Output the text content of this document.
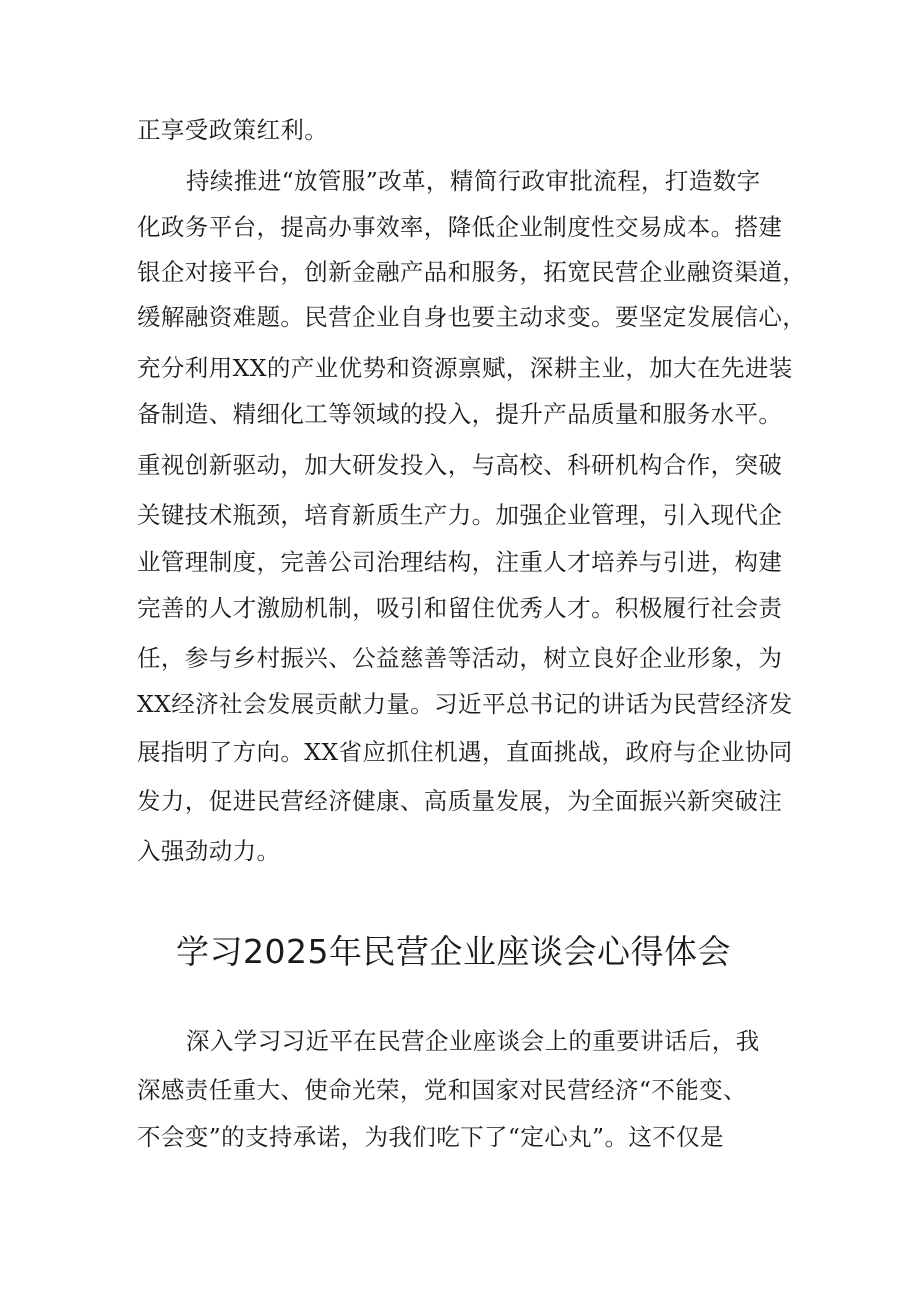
正享受政策红利。

持续推进“放管服”改革，精简行政审批流程，打造数字

化政务平台，提高办事效率，降低企业制度性交易成本。搭建

银企对接平台，创新金融产品和服务，拓宽民营企业融资渠道，

缓解融资难题。民营企业自身也要主动求变。要坚定发展信心，

充分利用XX的产业优势和资源禀赋，深耕主业，加大在先进装

备制造、精细化工等领域的投入，提升产品质量和服务水平。

重视创新驱动，加大研发投入，与高校、科研机构合作，突破

关键技术瓶颈，培育新质生产力。加强企业管理，引入现代企

业管理制度，完善公司治理结构，注重人才培养与引进，构建

完善的人才激励机制，吸引和留住优秀人才。积极履行社会责

任，参与乡村振兴、公益慈善等活动，树立良好企业形象，为

XX经济社会发展贡献力量。习近平总书记的讲话为民营经济发

展指明了方向。XX省应抓住机遇，直面挑战，政府与企业协同

发力，促进民营经济健康、高质量发展，为全面振兴新突破注

入强劲动力。

学习2025年民营企业座谈会心得体会

深入学习习近平在民营企业座谈会上的重要讲话后，我

深感责任重大、使命光荣，党和国家对民营经济“不能变、

不会变”的支持承诺，为我们吃下了“定心丸”。这不仅是
